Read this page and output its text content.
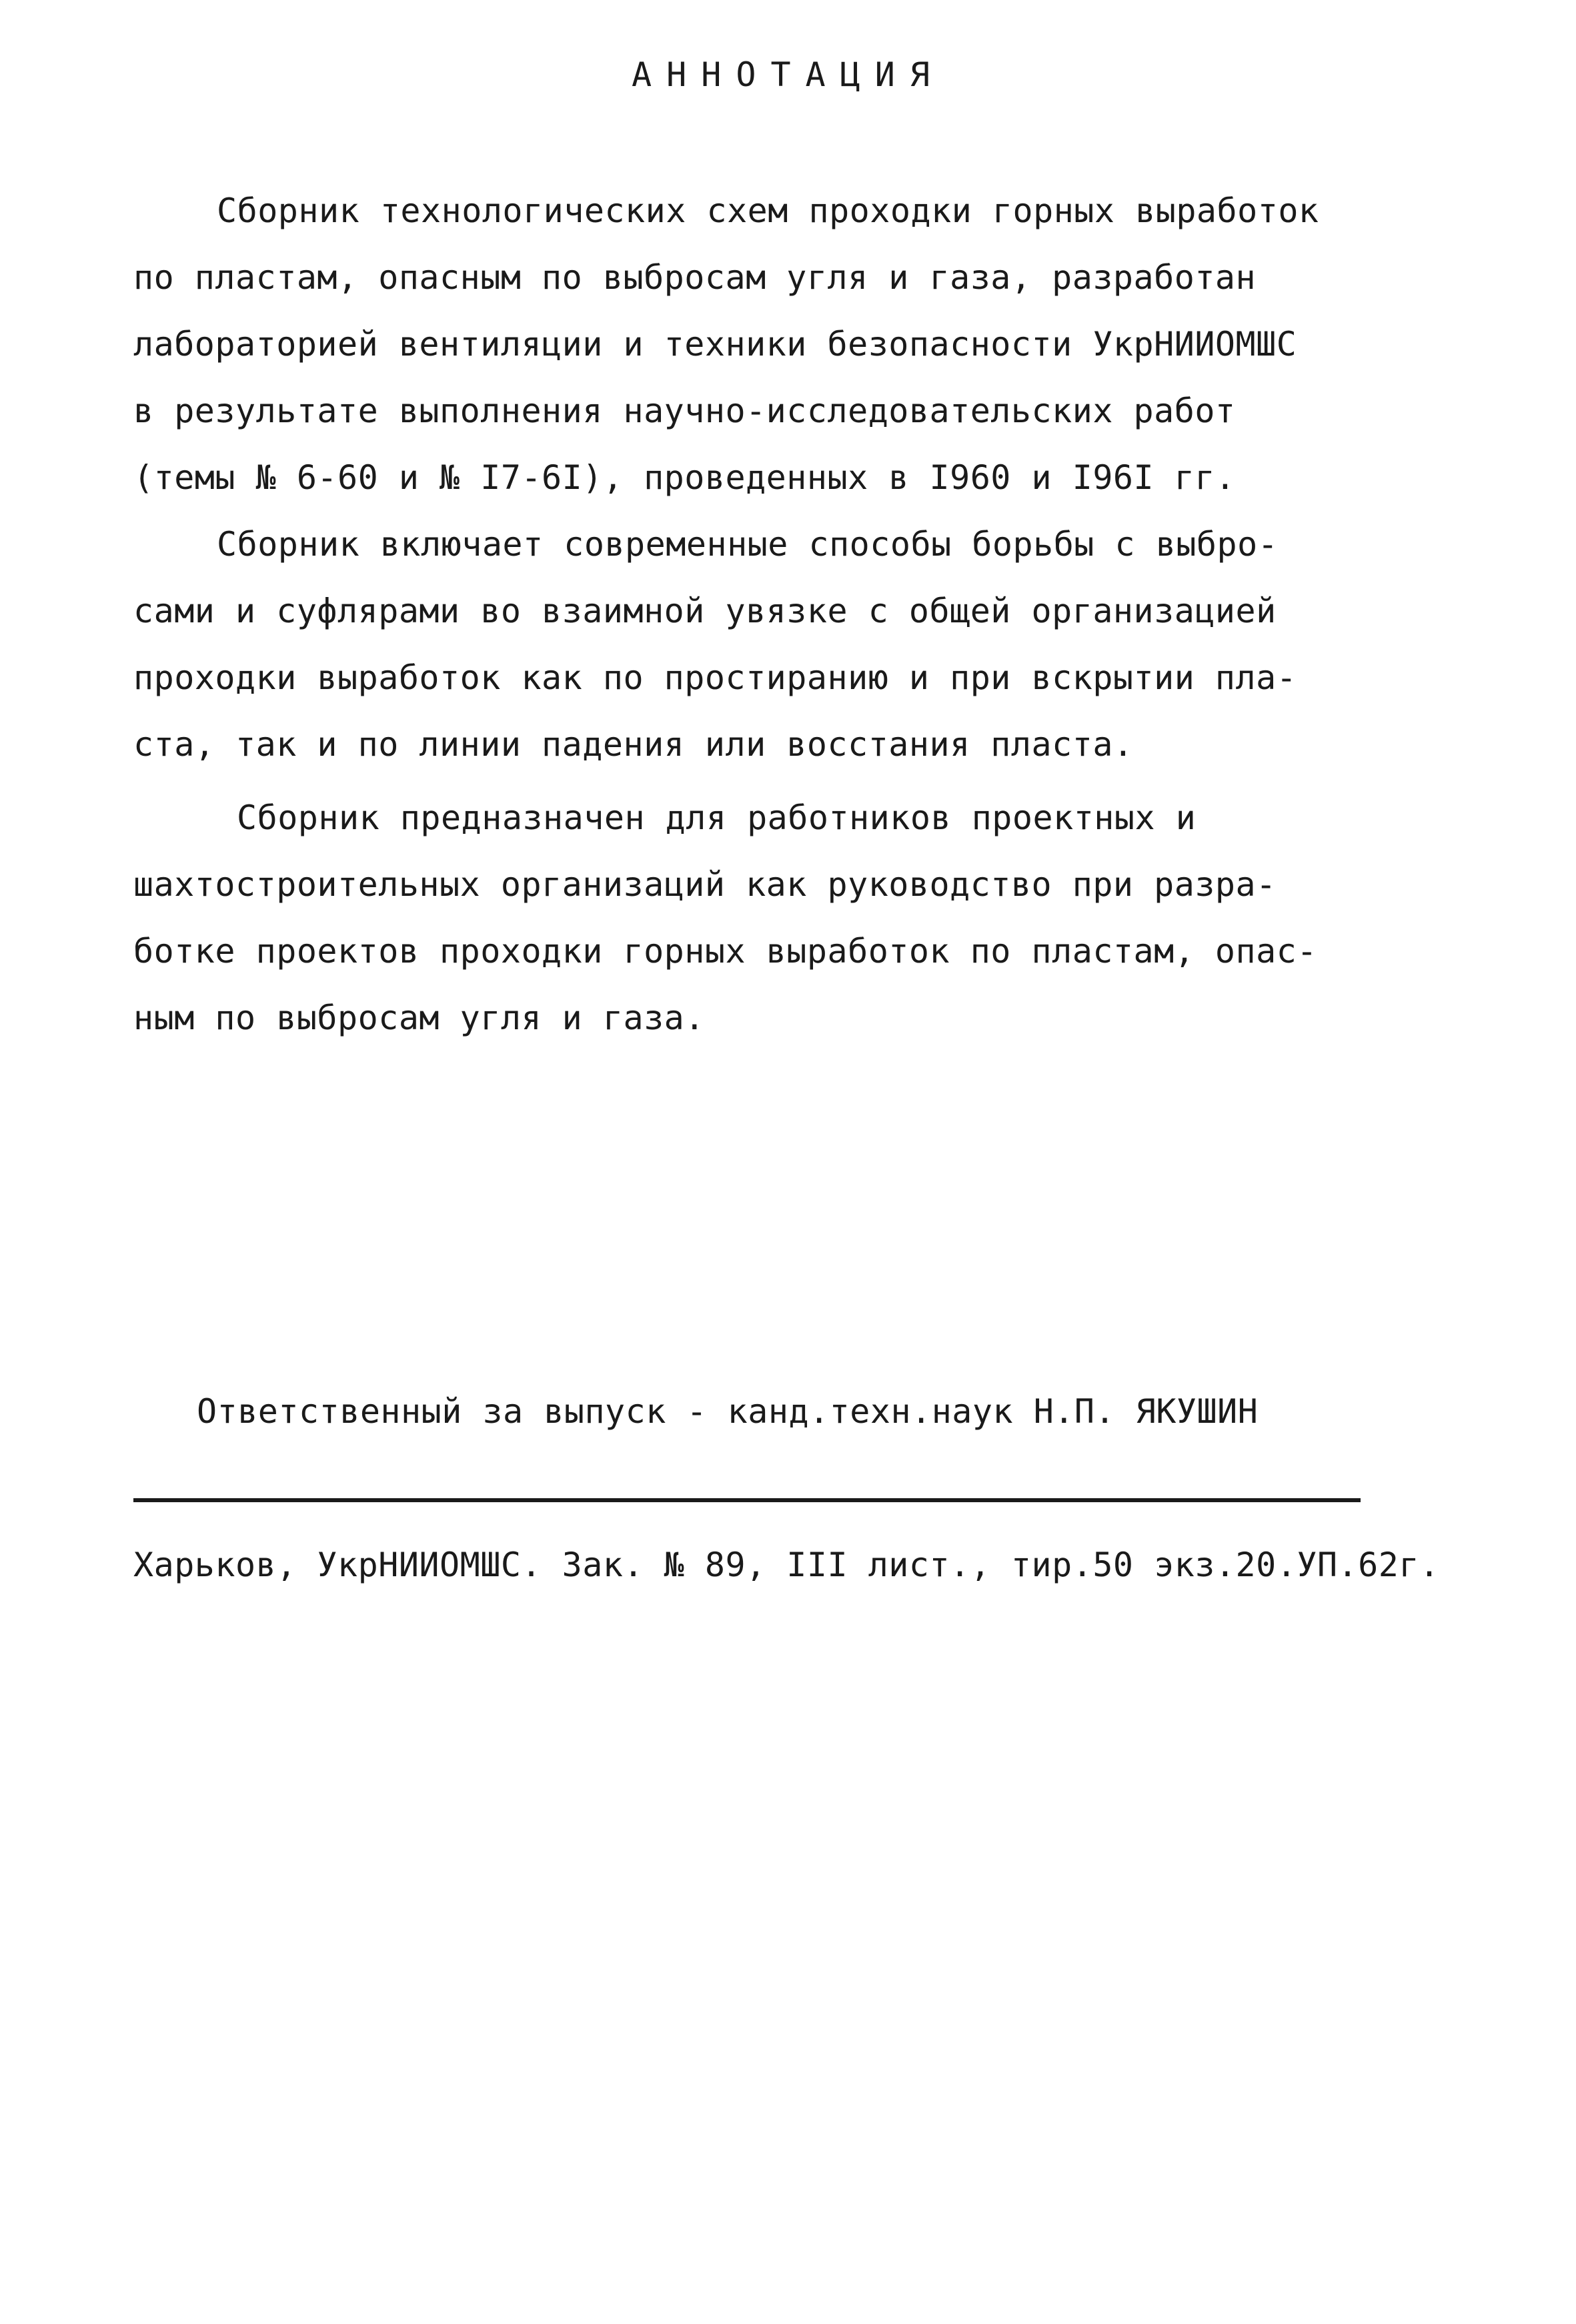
АННОТАЦИЯ
Сборник технологических схем проходки горных выработок
по пластам, опасным по выбросам угля и газа, разработан
лабораторией вентиляции и техники безопасности УкрНИИОМШС
в результате выполнения научно-исследовательских работ
(темы № 6-60 и № I7-6I), проведенных в I960 и I96I гг.
Сборник включает современные способы борьбы с выбро-
сами и суфлярами во взаимной увязке с общей организацией
проходки выработок как по простиранию и при вскрытии пла-
ста, так и по линии падения или восстания пласта.
Сборник предназначен для работников проектных и
шахтостроительных организаций как руководство при разра-
ботке проектов проходки горных выработок по пластам, опас-
ным по выбросам угля и газа.
Ответственный за выпуск - канд.техн.наук Н.П. ЯКУШИН
Харьков, УкрНИИОМШС. Зак. № 89, III лист., тир.50 экз.20.УП.62г.
